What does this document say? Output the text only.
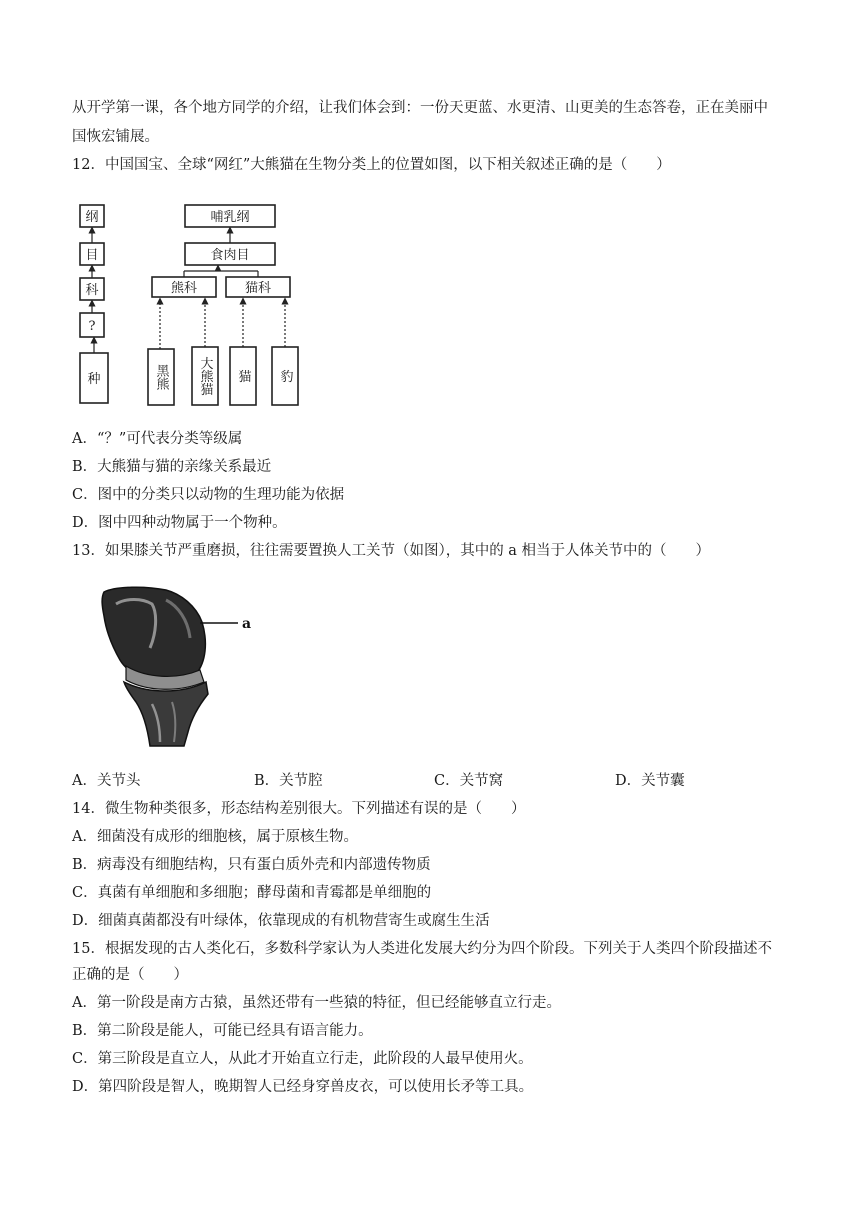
从开学第一课，各个地方同学的介绍，让我们体会到：一份天更蓝、水更清、山更美的生态答卷，正在美丽中
国恢宏铺展。
12．中国国宝、全球“网红”大熊猫在生物分类上的位置如图，以下相关叙述正确的是（　　）
纲
目
科
?
种
哺乳纲
食肉目
熊科	猫科
黑熊 大熊猫 猫 豹
A．“？”可代表分类等级属
B．大熊猫与猫的亲缘关系最近
C．图中的分类只以动物的生理功能为依据
D．图中四种动物属于一个物种。
13．如果膝关节严重磨损，往往需要置换人工关节（如图），其中的 a 相当于人体关节中的（　　）
a
A．关节头	B．关节腔	C．关节窝	D．关节囊
14．微生物种类很多，形态结构差别很大。下列描述有误的是（　　）
A．细菌没有成形的细胞核，属于原核生物。
B．病毒没有细胞结构，只有蛋白质外壳和内部遗传物质
C．真菌有单细胞和多细胞；酵母菌和青霉都是单细胞的
D．细菌真菌都没有叶绿体，依靠现成的有机物营寄生或腐生生活
15．根据发现的古人类化石，多数科学家认为人类进化发展大约分为四个阶段。下列关于人类四个阶段描述不
正确的是（　　）
A．第一阶段是南方古猿，虽然还带有一些猿的特征，但已经能够直立行走。
B．第二阶段是能人，可能已经具有语言能力。
C．第三阶段是直立人，从此才开始直立行走，此阶段的人最早使用火。
D．第四阶段是智人，晚期智人已经身穿兽皮衣，可以使用长矛等工具。
